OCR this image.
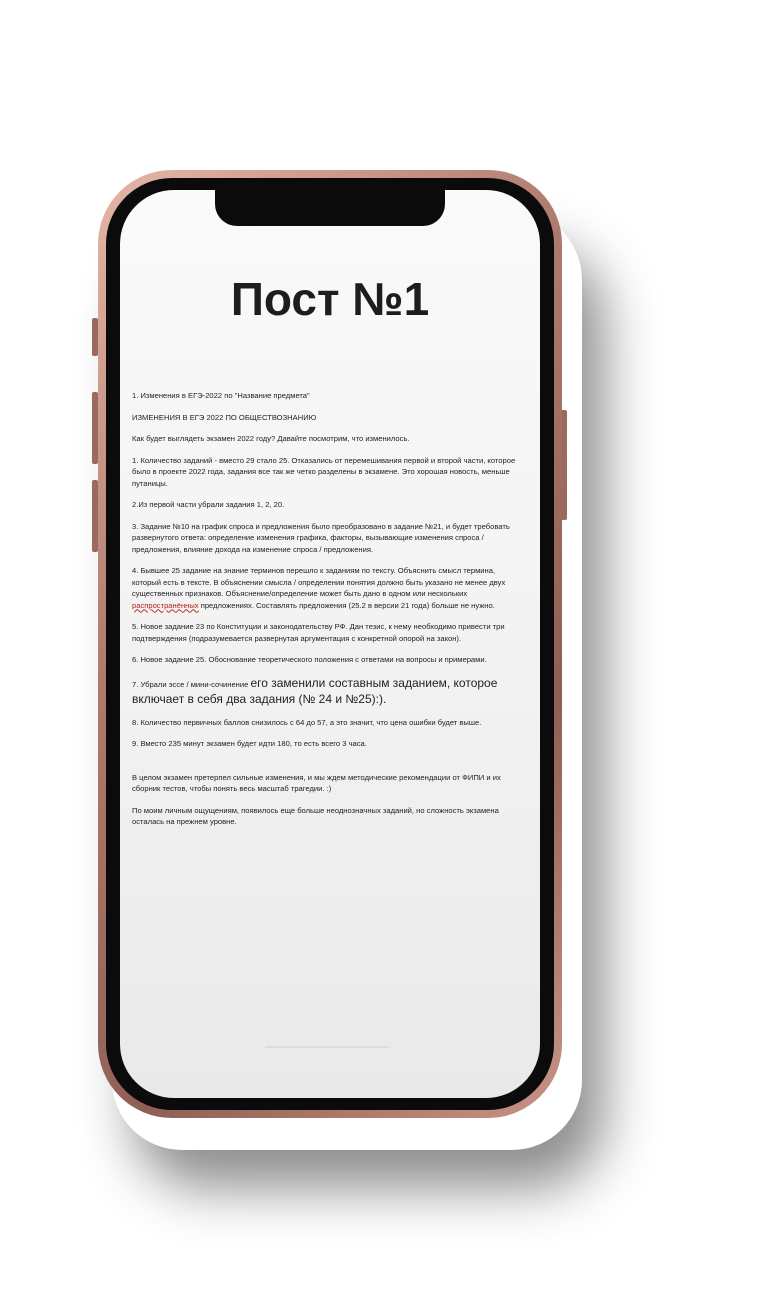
Пост №1

1. Изменения в ЕГЭ-2022 по "Название предмета"

ИЗМЕНЕНИЯ В ЕГЭ 2022 ПО ОБЩЕСТВОЗНАНИЮ

Как будет выглядеть экзамен 2022 году? Давайте посмотрим, что изменилось.

1. Количество заданий - вместо 29 стало 25. Отказались от перемешивания первой и второй части, которое было в проекте 2022 года, задания все так же четко разделены в экзамене. Это хорошая новость, меньше путаницы.

2.Из первой части убрали задания 1, 2, 20.

3. Задание №10 на график спроса и предложения было преобразовано в задание №21, и будет требовать развернутого ответа: определение изменения графика, факторы, вызывающие изменения спроса / предложения, влияние дохода на изменение спроса / предложения.

4. Бывшее 25 задание на знание терминов перешло к заданиям по тексту. Объяснить смысл термина, который есть в тексте. В объяснении смысла / определении понятия должно быть указано не менее двух существенных признаков. Объяснение/определение может быть дано в одном или нескольких распространённых предложениях. Составлять предложения (25.2 в версии 21 года) больше не нужно.

5. Новое задание 23 по Конституции и законодательству РФ. Дан тезис, к нему необходимо привести три подтверждения (подразумевается развернутая аргументация с конкретной опорой на закон).

6. Новое задание 25. Обоснование теоретического положения с ответами на вопросы и примерами.

7. Убрали эссе / мини-сочинение его заменили составным заданием, которое включает в себя два задания (№ 24 и №25):).

8. Количество первичных баллов снизилось с 64 до 57, а это значит, что цена ошибки будет выше.

9. Вместо 235 минут экзамен будет идти 180, то есть всего 3 часа.

В целом экзамен претерпел сильные изменения, и мы ждем методические рекомендации от ФИПИ и их сборник тестов, чтобы понять весь масштаб трагедии. :)

По моим личным ощущениям, появилось еще больше неоднозначных заданий, но сложность экзамена осталась на прежнем уровне.
